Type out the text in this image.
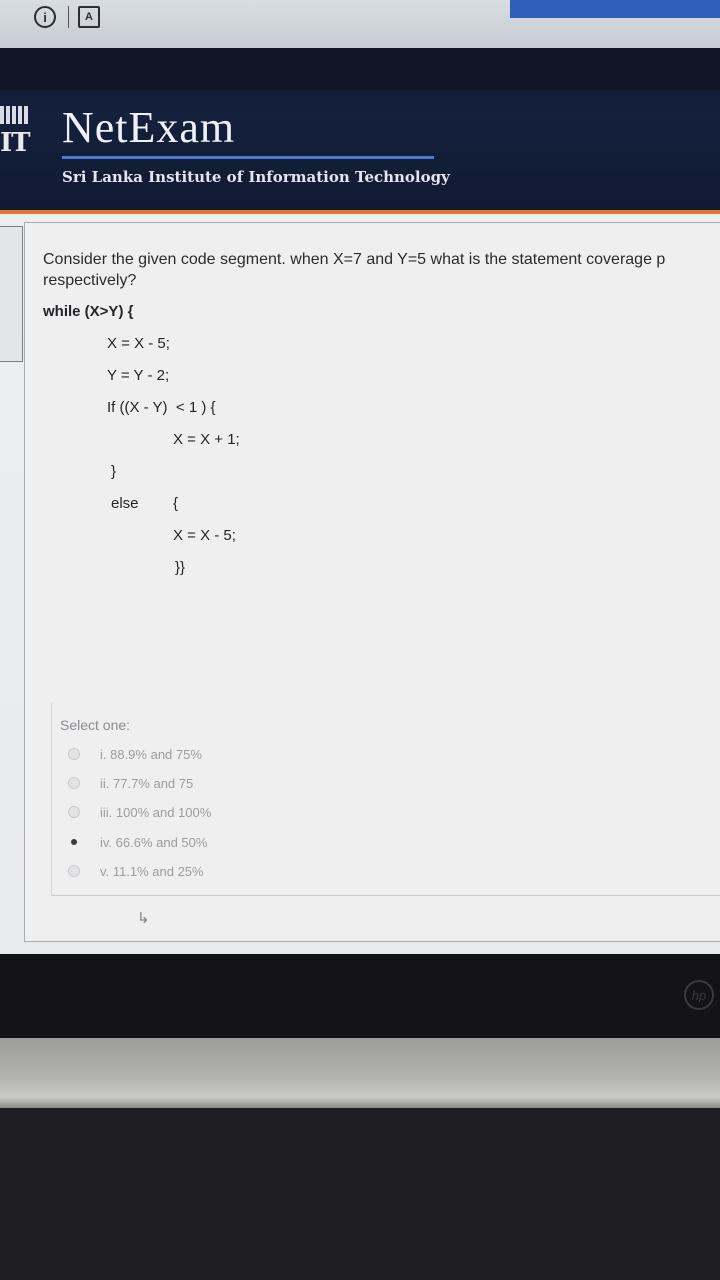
i	A
IT NetExam
Sri Lanka Institute of Information Technology

Consider the given code segment. when X=7 and Y=5 what is the statement coverage p
respectively?

while (X>Y) {
X = X - 5;
Y = Y - 2;
If ((X - Y)  < 1 ) {
X = X + 1;
}
else {
X = X - 5;
}}
Select one:
i. 88.9% and 75%
ii. 77.7% and 75
iii. 100% and 100%
iv. 66.6% and 50%
v. 11.1% and 25%
↳
hp
